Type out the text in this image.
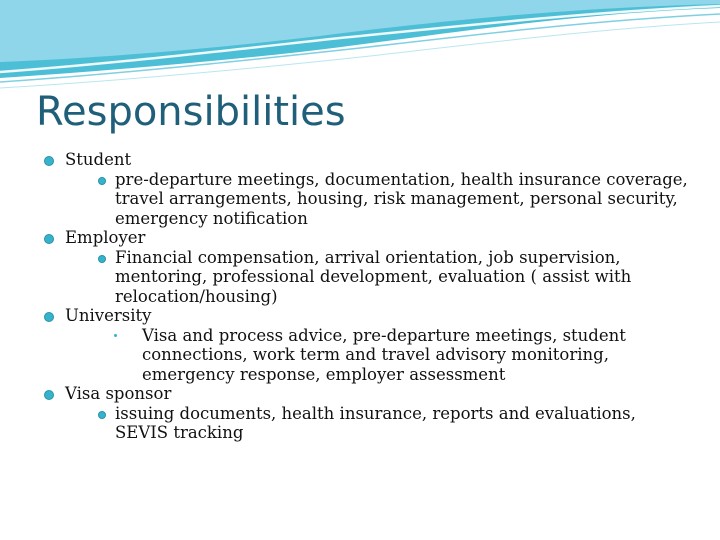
Responsibilities
Student
pre-departure meetings, documentation, health insurance coverage, travel arrangements, housing, risk management, personal security, emergency notification
Employer
Financial compensation, arrival orientation, job supervision, mentoring, professional development, evaluation ( assist with relocation/housing)
University
Visa and process advice, pre-departure meetings, student connections, work term and travel advisory monitoring, emergency response, employer assessment
Visa sponsor
issuing documents, health insurance, reports and evaluations, SEVIS tracking
